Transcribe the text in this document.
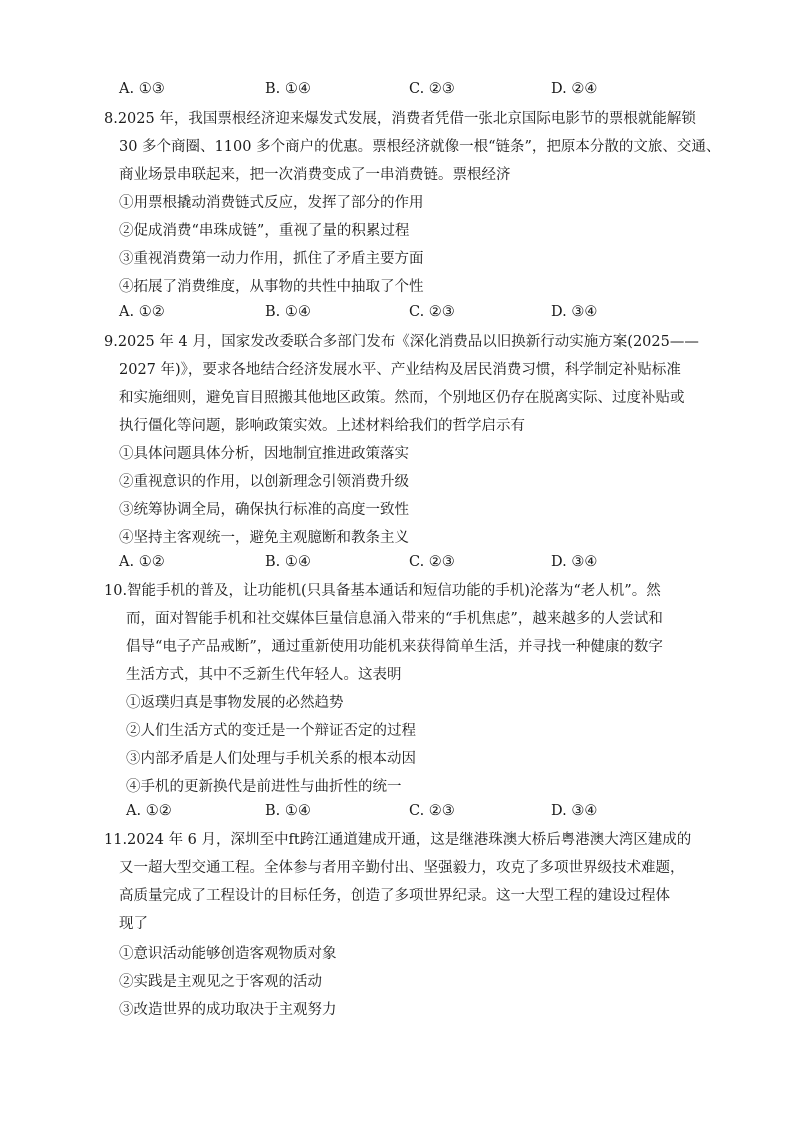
A. ①③	B. ①④	C. ②③	D. ②④
8.2025 年，我国票根经济迎来爆发式发展，消费者凭借一张北京国际电影节的票根就能解锁
30 多个商圈、1100 多个商户的优惠。票根经济就像一根“链条”，把原本分散的文旅、交通、
商业场景串联起来，把一次消费变成了一串消费链。票根经济
①用票根撬动消费链式反应，发挥了部分的作用
②促成消费“串珠成链”，重视了量的积累过程
③重视消费第一动力作用，抓住了矛盾主要方面
④拓展了消费维度，从事物的共性中抽取了个性
A. ①②	B. ①④	C. ②③	D. ③④
9.2025 年 4 月，国家发改委联合多部门发布《深化消费品以旧换新行动实施方案(2025——
2027 年)》，要求各地结合经济发展水平、产业结构及居民消费习惯，科学制定补贴标准
和实施细则，避免盲目照搬其他地区政策。然而，个别地区仍存在脱离实际、过度补贴或
执行僵化等问题，影响政策实效。上述材料给我们的哲学启示有
①具体问题具体分析，因地制宜推进政策落实
②重视意识的作用，以创新理念引领消费升级
③统筹协调全局，确保执行标准的高度一致性
④坚持主客观统一，避免主观臆断和教条主义
A. ①②	B. ①④	C. ②③	D. ③④
10.智能手机的普及，让功能机(只具备基本通话和短信功能的手机)沦落为“老人机”。然
而，面对智能手机和社交媒体巨量信息涌入带来的“手机焦虑”，越来越多的人尝试和
倡导“电子产品戒断”，通过重新使用功能机来获得简单生活，并寻找一种健康的数字
生活方式，其中不乏新生代年轻人。这表明
①返璞归真是事物发展的必然趋势
②人们生活方式的变迁是一个辩证否定的过程
③内部矛盾是人们处理与手机关系的根本动因
④手机的更新换代是前进性与曲折性的统一
A. ①②	B. ①④	C. ②③	D. ③④
11.2024 年 6 月，深圳至中ft跨江通道建成开通，这是继港珠澳大桥后粤港澳大湾区建成的
又一超大型交通工程。全体参与者用辛勤付出、坚强毅力，攻克了多项世界级技术难题，
高质量完成了工程设计的目标任务，创造了多项世界纪录。这一大型工程的建设过程体
现了
①意识活动能够创造客观物质对象
②实践是主观见之于客观的活动
③改造世界的成功取决于主观努力
